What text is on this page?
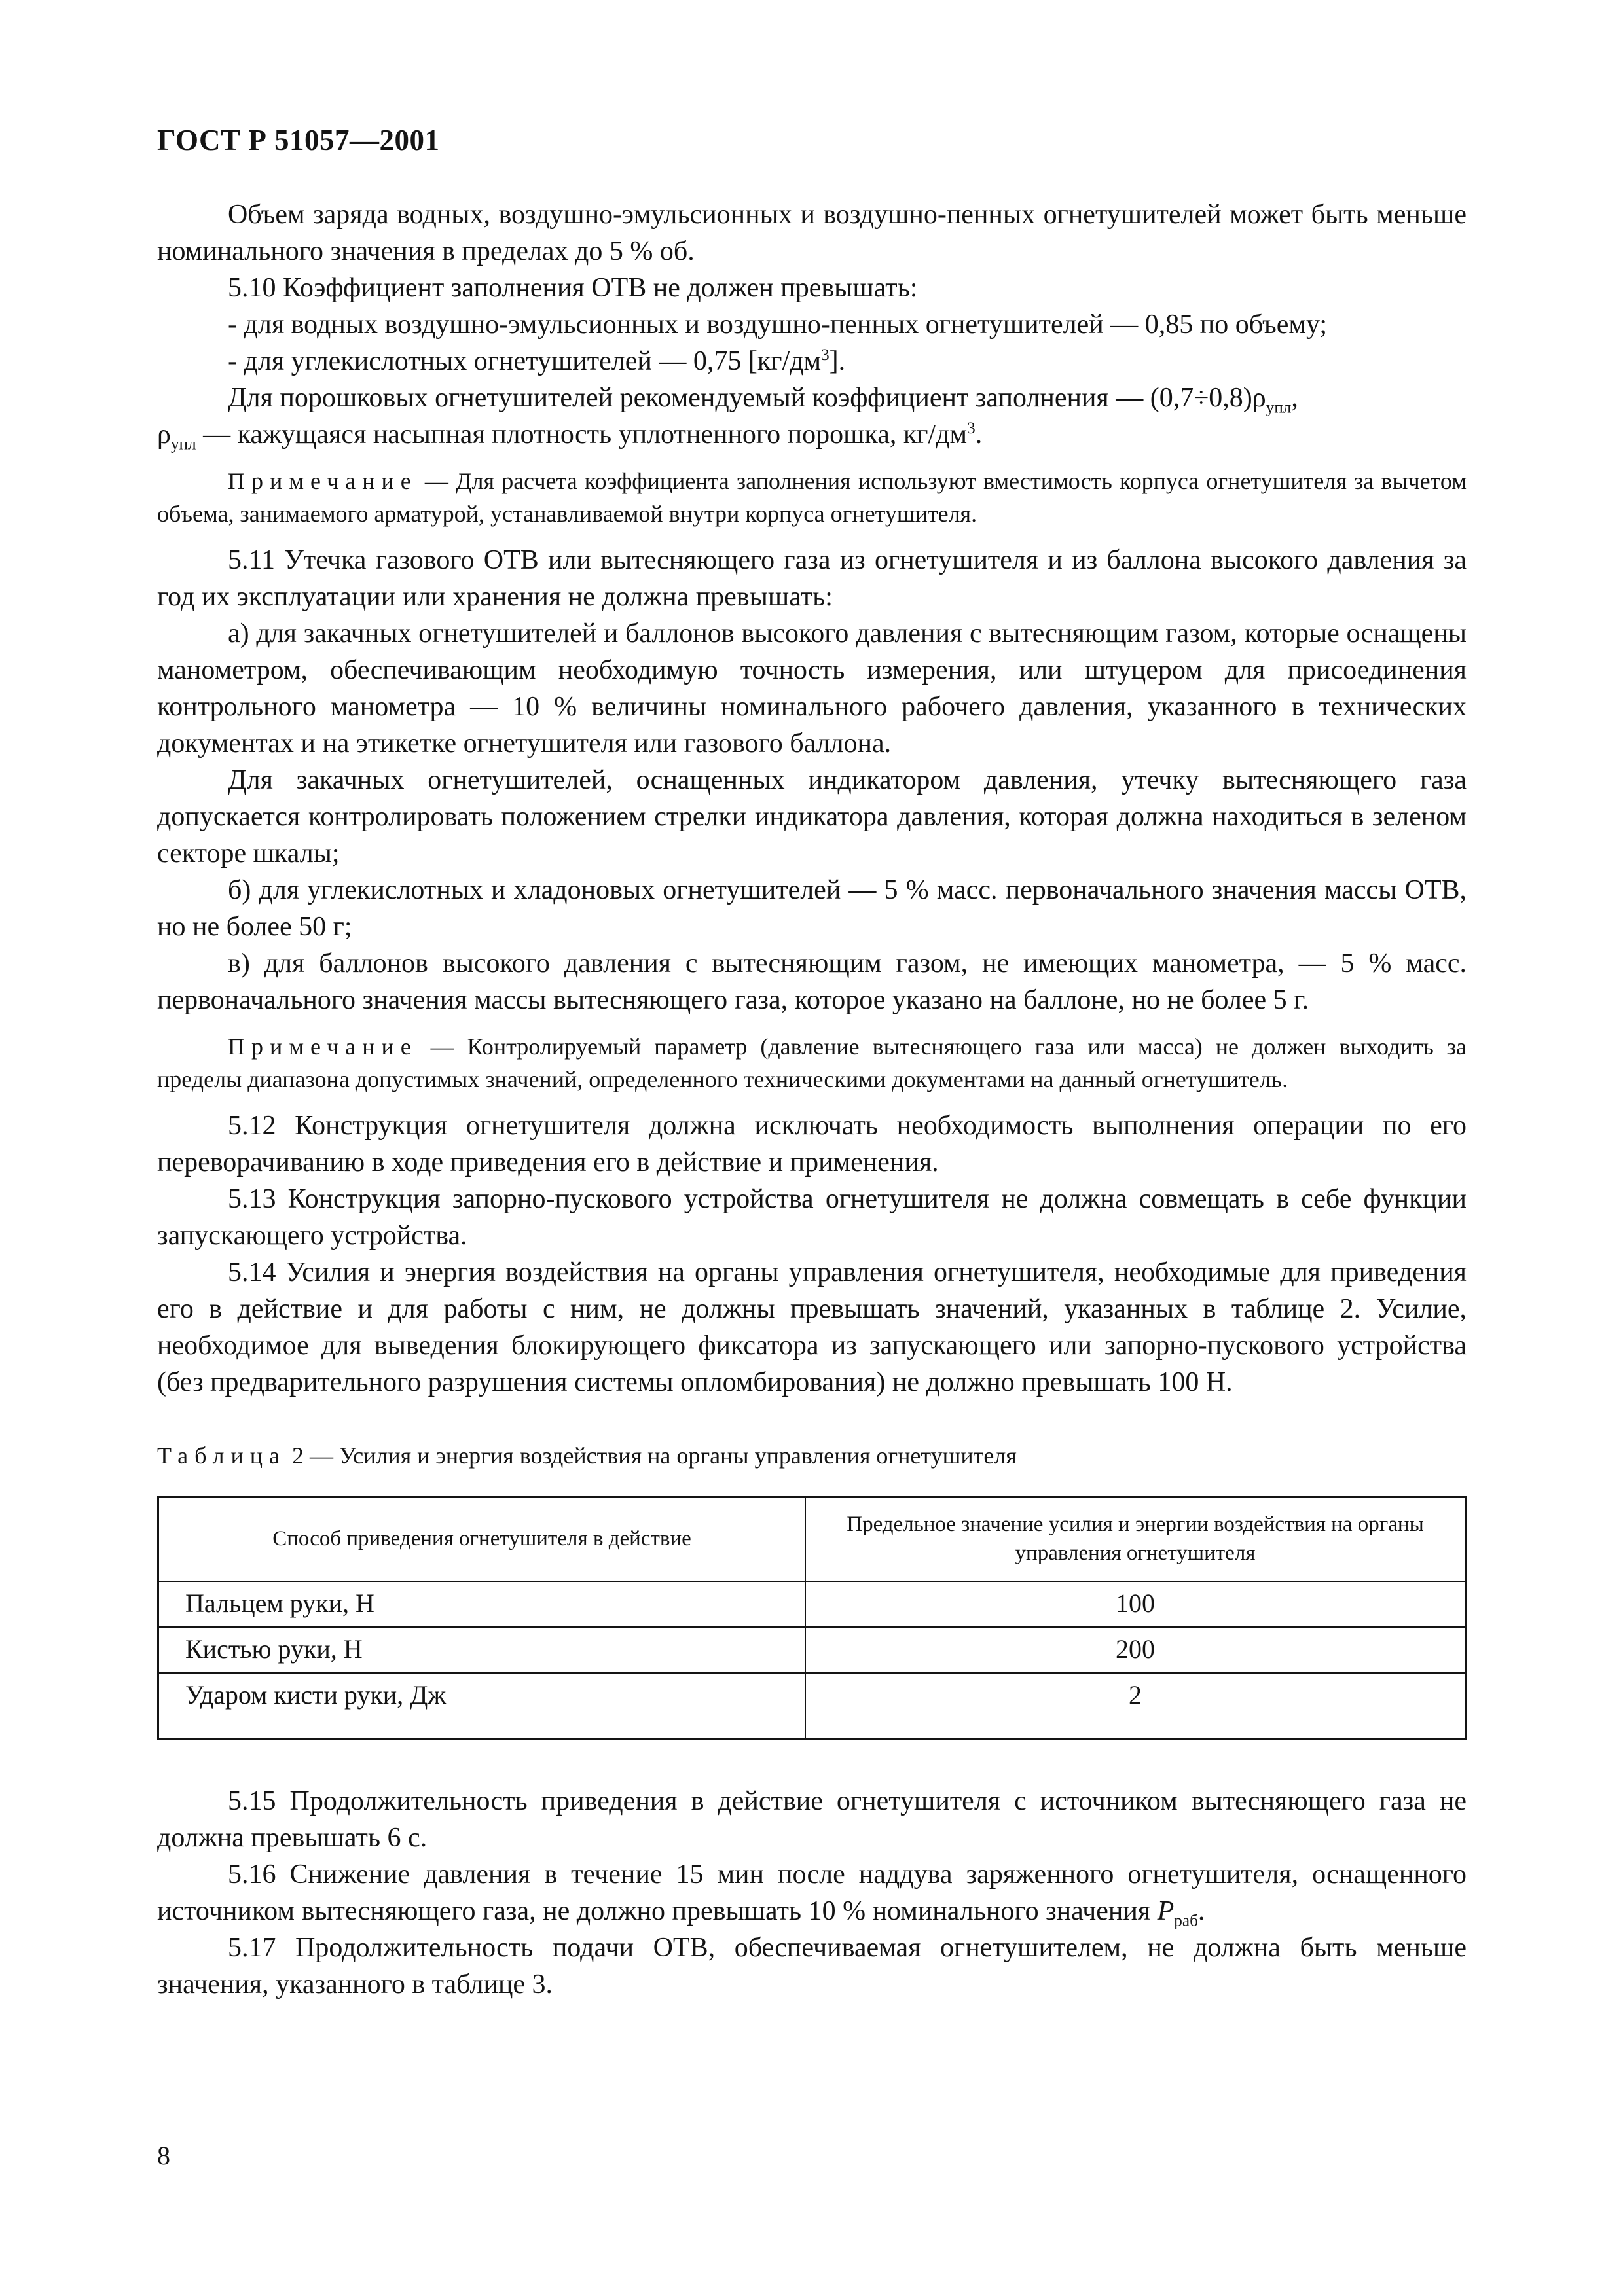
ГОСТ Р 51057—2001

Объем заряда водных, воздушно-эмульсионных и воздушно-пенных огнетушителей может быть меньше номинального значения в пределах до 5 % об.

5.10 Коэффициент заполнения ОТВ не должен превышать:

- для водных воздушно-эмульсионных и воздушно-пенных огнетушителей — 0,85 по объему;

- для углекислотных огнетушителей — 0,75 $[кг/дм^3]$.

Для порошковых огнетушителей рекомендуемый коэффициент заполнения — $(0,7\div 0,8)\rho_{упл}$,

$\rho_{упл}$ — кажущаяся насыпная плотность уплотненного порошка, $кг/дм^3$.

Примечание — Для расчета коэффициента заполнения используют вместимость корпуса огнетушителя за вычетом объема, занимаемого арматурой, устанавливаемой внутри корпуса огнетушителя.

5.11 Утечка газового ОТВ или вытесняющего газа из огнетушителя и из баллона высокого давления за год их эксплуатации или хранения не должна превышать:

а) для закачных огнетушителей и баллонов высокого давления с вытесняющим газом, которые оснащены манометром, обеспечивающим необходимую точность измерения, или штуцером для присоединения контрольного манометра — 10 % величины номинального рабочего давления, указанного в технических документах и на этикетке огнетушителя или газового баллона.

Для закачных огнетушителей, оснащенных индикатором давления, утечку вытесняющего газа допускается контролировать положением стрелки индикатора давления, которая должна находиться в зеленом секторе шкалы;

б) для углекислотных и хладоновых огнетушителей — 5 % масс. первоначального значения массы ОТВ, но не более 50 г;

в) для баллонов высокого давления с вытесняющим газом, не имеющих манометра, — 5 % масс. первоначального значения массы вытесняющего газа, которое указано на баллоне, но не более 5 г.

Примечание — Контролируемый параметр (давление вытесняющего газа или масса) не должен выходить за пределы диапазона допустимых значений, определенного техническими документами на данный огнетушитель.

5.12 Конструкция огнетушителя должна исключать необходимость выполнения операции по его переворачиванию в ходе приведения его в действие и применения.

5.13 Конструкция запорно-пускового устройства огнетушителя не должна совмещать в себе функции запускающего устройства.

5.14 Усилия и энергия воздействия на органы управления огнетушителя, необходимые для приведения его в действие и для работы с ним, не должны превышать значений, указанных в таблице 2. Усилие, необходимое для выведения блокирующего фиксатора из запускающего или запорно-пускового устройства (без предварительного разрушения системы опломбирования) не должно превышать 100 Н.

Таблица 2 — Усилия и энергия воздействия на органы управления огнетушителя

Способ приведения огнетушителя в действие	Предельное значение усилия и энергии воздействия на органы управления огнетушителя
Пальцем руки, Н	100
Кистью руки, Н	200
Ударом кисти руки, Дж	2

5.15 Продолжительность приведения в действие огнетушителя с источником вытесняющего газа не должна превышать 6 с.

5.16 Снижение давления в течение 15 мин после наддува заряженного огнетушителя, оснащенного источником вытесняющего газа, не должно превышать 10 % номинального значения $P_{раб}$.

5.17 Продолжительность подачи ОТВ, обеспечиваемая огнетушителем, не должна быть меньше значения, указанного в таблице 3.

8
